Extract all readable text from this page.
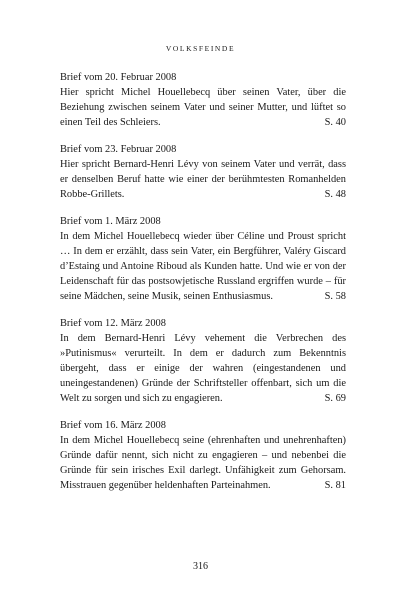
VOLKSFEINDE
Brief vom 20. Februar 2008
Hier spricht Michel Houellebecq über seinen Vater, über die Beziehung zwischen seinem Vater und seiner Mutter, und lüftet so einen Teil des Schleiers.	S. 40
Brief vom 23. Februar 2008
Hier spricht Bernard-Henri Lévy von seinem Vater und verrät, dass er denselben Beruf hatte wie einer der berühmtesten Romanhelden Robbe-Grillets.	S. 48
Brief vom 1. März 2008
In dem Michel Houellebecq wieder über Céline und Proust spricht … In dem er erzählt, dass sein Vater, ein Bergführer, Valéry Giscard d’Estaing und Antoine Riboud als Kunden hatte. Und wie er von der Leidenschaft für das postsowjetische Russland ergriffen wurde – für seine Mädchen, seine Musik, seinen Enthusiasmus.	S. 58
Brief vom 12. März 2008
In dem Bernard-Henri Lévy vehement die Verbrechen des »Putinismus« verurteilt. In dem er dadurch zum Bekenntnis übergeht, dass er einige der wahren (eingestandenen und uneingestandenen) Gründe der Schriftsteller offenbart, sich um die Welt zu sorgen und sich zu engagieren.	S. 69
Brief vom 16. März 2008
In dem Michel Houellebecq seine (ehrenhaften und unehrenhaften) Gründe dafür nennt, sich nicht zu engagieren – und nebenbei die Gründe für sein irisches Exil darlegt. Unfähigkeit zum Gehorsam. Misstrauen gegenüber heldenhaften Parteinahmen.	S. 81
316
